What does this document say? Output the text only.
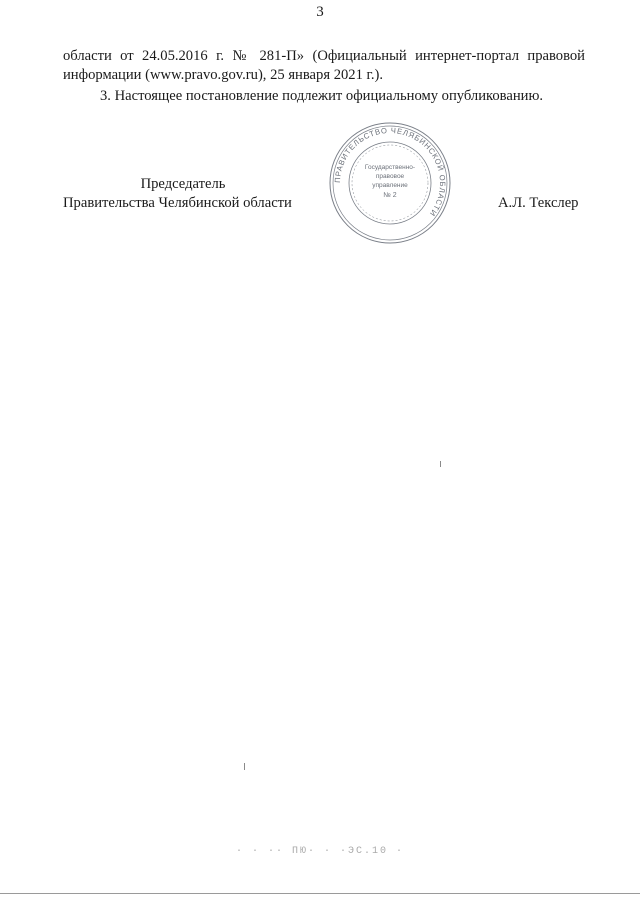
3

области от 24.05.2016 г. № 281-П» (Официальный интернет-портал правовой

информации (www.pravo.gov.ru), 25 января 2021 г.).

3. Настоящее постановление подлежит официальному опубликованию.

Председатель
Правительства Челябинской области
ПРАВИТЕЛЬСТВО ЧЕЛЯБИНСКОЙ ОБЛАСТИ
Государственно-
правовое
управление
№ 2	А.Л. Текслер
· · ·· ПЮ· · ·ЭС.10 ·
